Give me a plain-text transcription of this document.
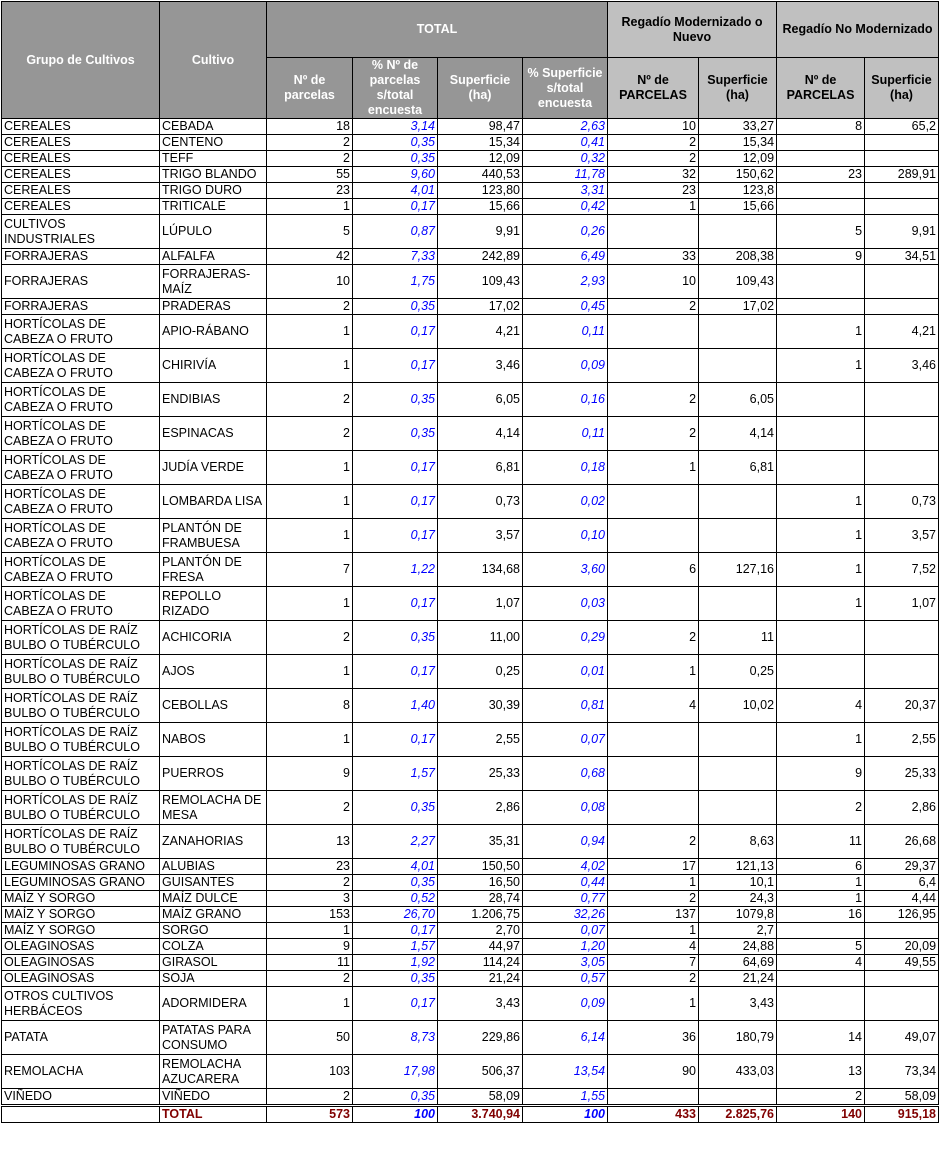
Grupo de Cultivos	Cultivo	TOTAL				Regadío Modernizado o Nuevo		Regadío No Modernizado	
		Nº de parcelas	% Nº de parcelas s/total encuesta	Superficie (ha)	% Superficie s/total encuesta	Nº de PARCELAS	Superficie (ha)	Nº de PARCELAS	Superficie (ha)
CEREALES	CEBADA	18	3,14	98,47	2,63	10	33,27	8	65,2
CEREALES	CENTENO	2	0,35	15,34	0,41	2	15,34		
CEREALES	TEFF	2	0,35	12,09	0,32	2	12,09		
CEREALES	TRIGO BLANDO	55	9,60	440,53	11,78	32	150,62	23	289,91
CEREALES	TRIGO DURO	23	4,01	123,80	3,31	23	123,8		
CEREALES	TRITICALE	1	0,17	15,66	0,42	1	15,66		
CULTIVOS INDUSTRIALES	LÚPULO	5	0,87	9,91	0,26			5	9,91
FORRAJERAS	ALFALFA	42	7,33	242,89	6,49	33	208,38	9	34,51
FORRAJERAS	FORRAJERAS-MAÍZ	10	1,75	109,43	2,93	10	109,43		
FORRAJERAS	PRADERAS	2	0,35	17,02	0,45	2	17,02		
HORTÍCOLAS DE CABEZA O FRUTO	APIO-RÁBANO	1	0,17	4,21	0,11			1	4,21
HORTÍCOLAS DE CABEZA O FRUTO	CHIRIVÍA	1	0,17	3,46	0,09			1	3,46
HORTÍCOLAS DE CABEZA O FRUTO	ENDIBIAS	2	0,35	6,05	0,16	2	6,05		
HORTÍCOLAS DE CABEZA O FRUTO	ESPINACAS	2	0,35	4,14	0,11	2	4,14		
HORTÍCOLAS DE CABEZA O FRUTO	JUDÍA VERDE	1	0,17	6,81	0,18	1	6,81		
HORTÍCOLAS DE CABEZA O FRUTO	LOMBARDA LISA	1	0,17	0,73	0,02			1	0,73
HORTÍCOLAS DE CABEZA O FRUTO	PLANTÓN DE FRAMBUESA	1	0,17	3,57	0,10			1	3,57
HORTÍCOLAS DE CABEZA O FRUTO	PLANTÓN DE FRESA	7	1,22	134,68	3,60	6	127,16	1	7,52
HORTÍCOLAS DE CABEZA O FRUTO	REPOLLO RIZADO	1	0,17	1,07	0,03			1	1,07
HORTÍCOLAS DE RAÍZ BULBO O TUBÉRCULO	ACHICORIA	2	0,35	11,00	0,29	2	11		
HORTÍCOLAS DE RAÍZ BULBO O TUBÉRCULO	AJOS	1	0,17	0,25	0,01	1	0,25		
HORTÍCOLAS DE RAÍZ BULBO O TUBÉRCULO	CEBOLLAS	8	1,40	30,39	0,81	4	10,02	4	20,37
HORTÍCOLAS DE RAÍZ BULBO O TUBÉRCULO	NABOS	1	0,17	2,55	0,07			1	2,55
HORTÍCOLAS DE RAÍZ BULBO O TUBÉRCULO	PUERROS	9	1,57	25,33	0,68			9	25,33
HORTÍCOLAS DE RAÍZ BULBO O TUBÉRCULO	REMOLACHA DE MESA	2	0,35	2,86	0,08			2	2,86
HORTÍCOLAS DE RAÍZ BULBO O TUBÉRCULO	ZANAHORIAS	13	2,27	35,31	0,94	2	8,63	11	26,68
LEGUMINOSAS GRANO	ALUBIAS	23	4,01	150,50	4,02	17	121,13	6	29,37
LEGUMINOSAS GRANO	GUISANTES	2	0,35	16,50	0,44	1	10,1	1	6,4
MAÍZ Y SORGO	MAÍZ DULCE	3	0,52	28,74	0,77	2	24,3	1	4,44
MAÍZ Y SORGO	MAÍZ GRANO	153	26,70	1.206,75	32,26	137	1079,8	16	126,95
MAÍZ Y SORGO	SORGO	1	0,17	2,70	0,07	1	2,7		
OLEAGINOSAS	COLZA	9	1,57	44,97	1,20	4	24,88	5	20,09
OLEAGINOSAS	GIRASOL	11	1,92	114,24	3,05	7	64,69	4	49,55
OLEAGINOSAS	SOJA	2	0,35	21,24	0,57	2	21,24		
OTROS CULTIVOS HERBÁCEOS	ADORMIDERA	1	0,17	3,43	0,09	1	3,43		
PATATA	PATATAS PARA CONSUMO	50	8,73	229,86	6,14	36	180,79	14	49,07
REMOLACHA	REMOLACHA AZUCARERA	103	17,98	506,37	13,54	90	433,03	13	73,34
VIÑEDO	VIÑEDO	2	0,35	58,09	1,55			2	58,09
	TOTAL	573	100	3.740,94	100	433	2.825,76	140	915,18
